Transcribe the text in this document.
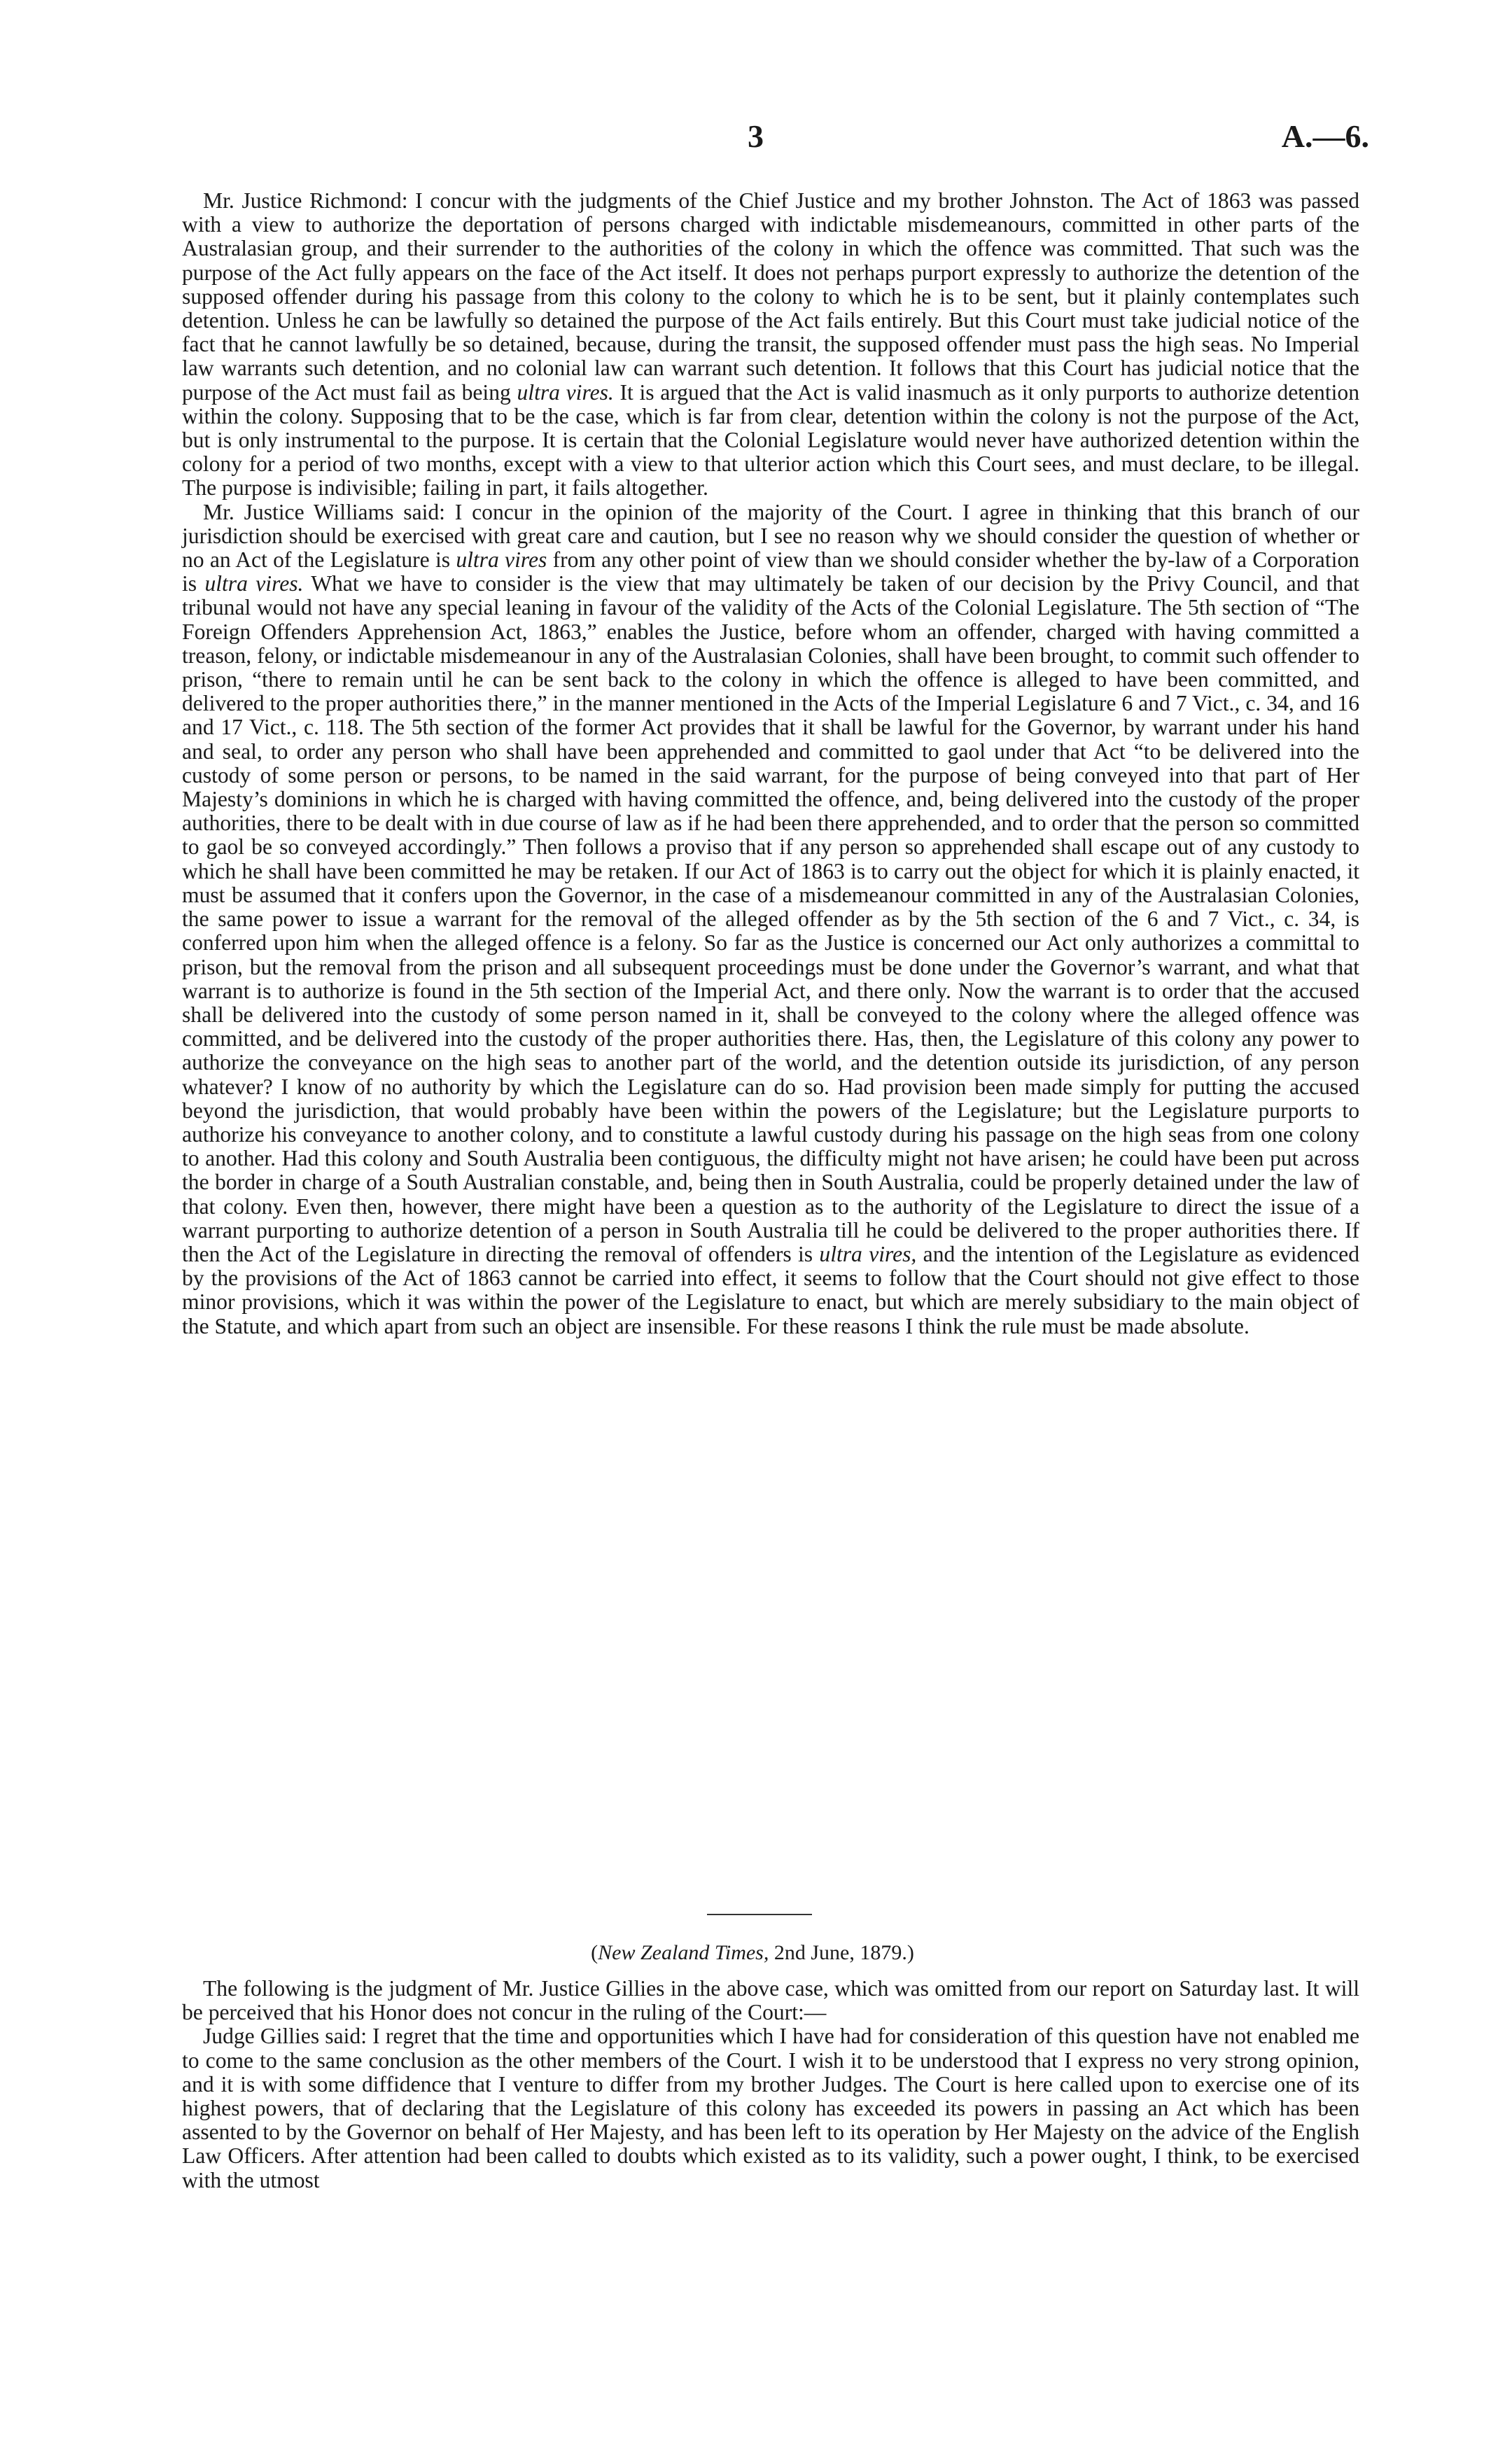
3	A.—6.

Mr. Justice Richmond: I concur with the judgments of the Chief Justice and my brother Johnston. The Act of 1863 was passed with a view to authorize the deportation of persons charged with indictable misdemeanours, committed in other parts of the Australasian group, and their surrender to the authorities of the colony in which the offence was committed. That such was the purpose of the Act fully appears on the face of the Act itself. It does not perhaps purport expressly to authorize the detention of the supposed offender during his passage from this colony to the colony to which he is to be sent, but it plainly contemplates such detention. Unless he can be lawfully so detained the purpose of the Act fails entirely. But this Court must take judicial notice of the fact that he cannot lawfully be so detained, because, during the transit, the supposed offender must pass the high seas. No Imperial law warrants such detention, and no colonial law can warrant such detention. It follows that this Court has judicial notice that the purpose of the Act must fail as being ultra vires. It is argued that the Act is valid inasmuch as it only purports to authorize detention within the colony. Supposing that to be the case, which is far from clear, detention within the colony is not the purpose of the Act, but is only instrumental to the purpose. It is certain that the Colonial Legislature would never have authorized detention within the colony for a period of two months, except with a view to that ulterior action which this Court sees, and must declare, to be illegal. The purpose is indivisible; failing in part, it fails altogether.

Mr. Justice Williams said: I concur in the opinion of the majority of the Court. I agree in thinking that this branch of our jurisdiction should be exercised with great care and caution, but I see no reason why we should consider the question of whether or no an Act of the Legislature is ultra vires from any other point of view than we should consider whether the by-law of a Corporation is ultra vires. What we have to consider is the view that may ultimately be taken of our decision by the Privy Council, and that tribunal would not have any special leaning in favour of the validity of the Acts of the Colonial Legislature. The 5th section of “The Foreign Offenders Apprehension Act, 1863,” enables the Justice, before whom an offender, charged with having committed a treason, felony, or indictable misdemeanour in any of the Australasian Colonies, shall have been brought, to commit such offender to prison, “there to remain until he can be sent back to the colony in which the offence is alleged to have been committed, and delivered to the proper authorities there,” in the manner mentioned in the Acts of the Imperial Legislature 6 and 7 Vict., c. 34, and 16 and 17 Vict., c. 118. The 5th section of the former Act provides that it shall be lawful for the Governor, by warrant under his hand and seal, to order any person who shall have been apprehended and committed to gaol under that Act “to be delivered into the custody of some person or persons, to be named in the said warrant, for the purpose of being conveyed into that part of Her Majesty’s dominions in which he is charged with having committed the offence, and, being delivered into the custody of the proper authorities, there to be dealt with in due course of law as if he had been there apprehended, and to order that the person so committed to gaol be so conveyed accordingly.” Then follows a proviso that if any person so apprehended shall escape out of any custody to which he shall have been committed he may be retaken. If our Act of 1863 is to carry out the object for which it is plainly enacted, it must be assumed that it confers upon the Governor, in the case of a misdemeanour committed in any of the Australasian Colonies, the same power to issue a warrant for the removal of the alleged offender as by the 5th section of the 6 and 7 Vict., c. 34, is conferred upon him when the alleged offence is a felony. So far as the Justice is concerned our Act only authorizes a committal to prison, but the removal from the prison and all subsequent proceedings must be done under the Governor’s warrant, and what that warrant is to authorize is found in the 5th section of the Imperial Act, and there only. Now the warrant is to order that the accused shall be delivered into the custody of some person named in it, shall be conveyed to the colony where the alleged offence was committed, and be delivered into the custody of the proper authorities there. Has, then, the Legislature of this colony any power to authorize the conveyance on the high seas to another part of the world, and the detention outside its jurisdiction, of any person whatever? I know of no authority by which the Legislature can do so. Had provision been made simply for putting the accused beyond the jurisdiction, that would probably have been within the powers of the Legislature; but the Legislature purports to authorize his conveyance to another colony, and to constitute a lawful custody during his passage on the high seas from one colony to another. Had this colony and South Australia been contiguous, the difficulty might not have arisen; he could have been put across the border in charge of a South Australian constable, and, being then in South Australia, could be properly detained under the law of that colony. Even then, however, there might have been a question as to the authority of the Legislature to direct the issue of a warrant purporting to authorize detention of a person in South Australia till he could be delivered to the proper authorities there. If then the Act of the Legislature in directing the removal of offenders is ultra vires, and the intention of the Legislature as evidenced by the provisions of the Act of 1863 cannot be carried into effect, it seems to follow that the Court should not give effect to those minor provisions, which it was within the power of the Legislature to enact, but which are merely subsidiary to the main object of the Statute, and which apart from such an object are insensible. For these reasons I think the rule must be made absolute.

(New Zealand Times, 2nd June, 1879.)

The following is the judgment of Mr. Justice Gillies in the above case, which was omitted from our report on Saturday last. It will be perceived that his Honor does not concur in the ruling of the Court:—

Judge Gillies said: I regret that the time and opportunities which I have had for consideration of this question have not enabled me to come to the same conclusion as the other members of the Court. I wish it to be understood that I express no very strong opinion, and it is with some diffidence that I venture to differ from my brother Judges. The Court is here called upon to exercise one of its highest powers, that of declaring that the Legislature of this colony has exceeded its powers in passing an Act which has been assented to by the Governor on behalf of Her Majesty, and has been left to its operation by Her Majesty on the advice of the English Law Officers. After attention had been called to doubts which existed as to its validity, such a power ought, I think, to be exercised with the utmost
